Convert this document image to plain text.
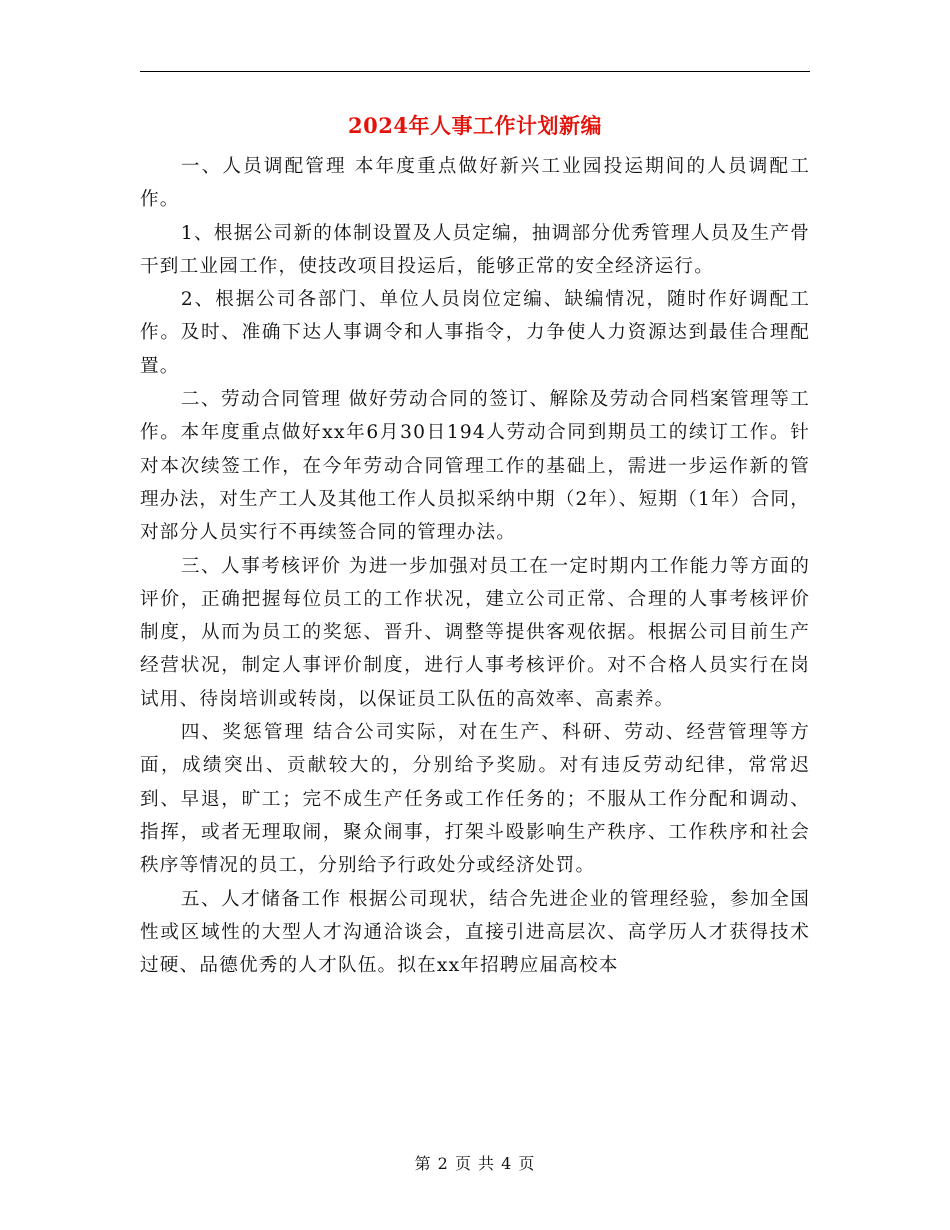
2024年人事工作计划新编

一、人员调配管理 本年度重点做好新兴工业园投运期间的人员调配工作。

1、根据公司新的体制设置及人员定编，抽调部分优秀管理人员及生产骨干到工业园工作，使技改项目投运后，能够正常的安全经济运行。

2、根据公司各部门、单位人员岗位定编、缺编情况，随时作好调配工作。及时、准确下达人事调令和人事指令，力争使人力资源达到最佳合理配置。

二、劳动合同管理 做好劳动合同的签订、解除及劳动合同档案管理等工作。本年度重点做好xx年6月30日194人劳动合同到期员工的续订工作。针对本次续签工作，在今年劳动合同管理工作的基础上，需进一步运作新的管理办法，对生产工人及其他工作人员拟采纳中期（2年）、短期（1年）合同，对部分人员实行不再续签合同的管理办法。

三、人事考核评价 为进一步加强对员工在一定时期内工作能力等方面的评价，正确把握每位员工的工作状况，建立公司正常、合理的人事考核评价制度，从而为员工的奖惩、晋升、调整等提供客观依据。根据公司目前生产经营状况，制定人事评价制度，进行人事考核评价。对不合格人员实行在岗试用、待岗培训或转岗，以保证员工队伍的高效率、高素养。

四、奖惩管理 结合公司实际，对在生产、科研、劳动、经营管理等方面，成绩突出、贡献较大的，分别给予奖励。对有违反劳动纪律，常常迟到、早退，旷工；完不成生产任务或工作任务的；不服从工作分配和调动、指挥，或者无理取闹，聚众闹事，打架斗殴影响生产秩序、工作秩序和社会秩序等情况的员工，分别给予行政处分或经济处罚。

五、人才储备工作 根据公司现状，结合先进企业的管理经验，参加全国性或区域性的大型人才沟通洽谈会，直接引进高层次、高学历人才获得技术过硬、品德优秀的人才队伍。拟在xx年招聘应届高校本

第 2 页 共 4 页
